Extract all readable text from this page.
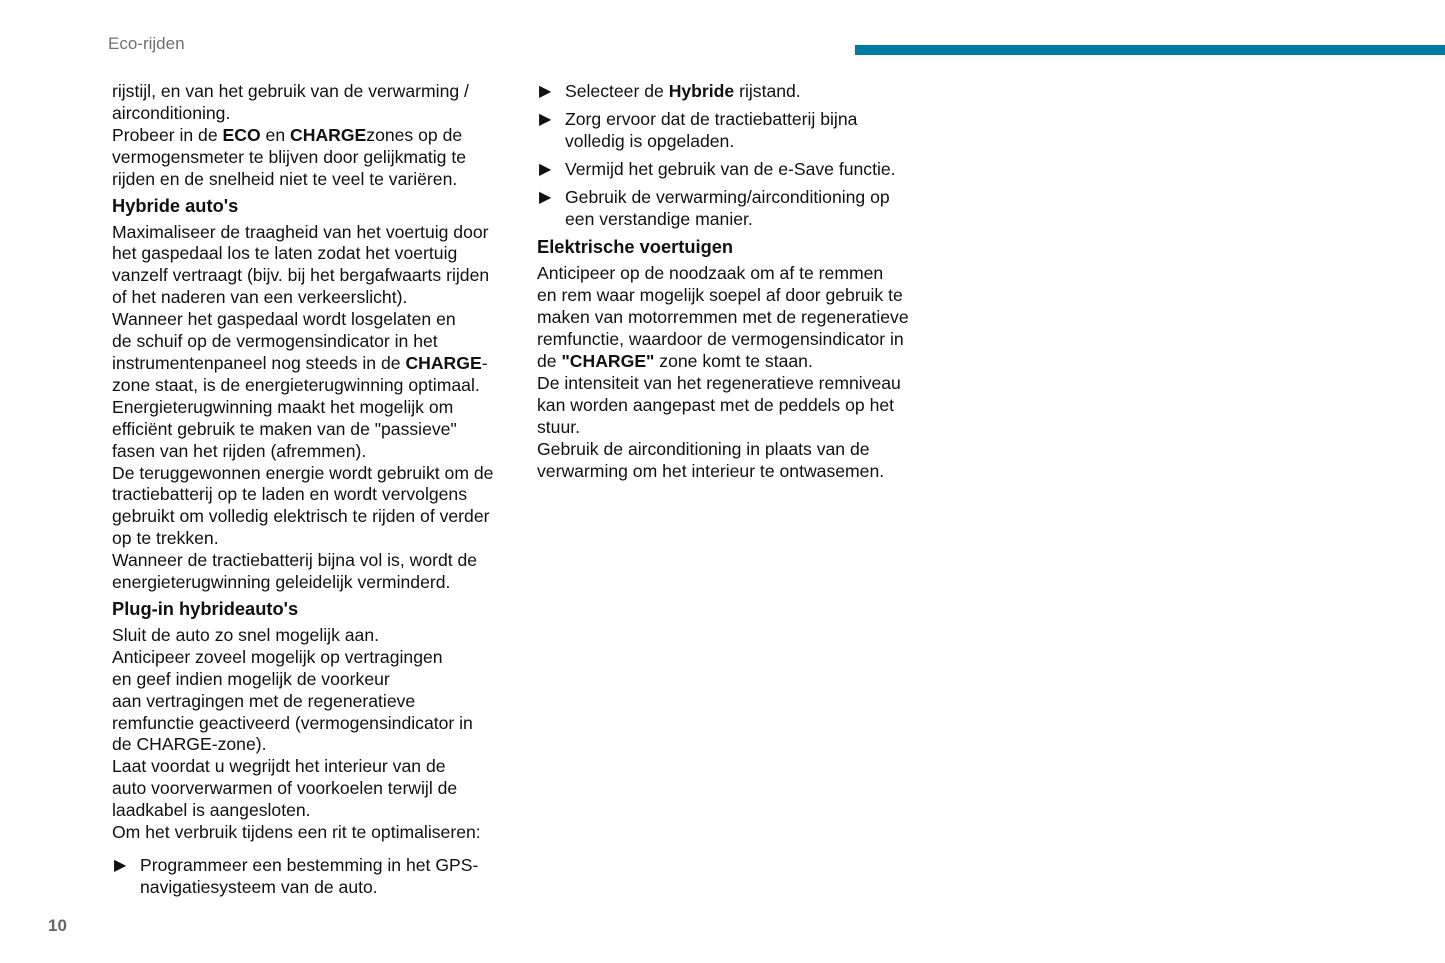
Eco-rijden
rijstijl, en van het gebruik van de verwarming /
airconditioning.
Probeer in de ECO en CHARGEzones op de
vermogensmeter te blijven door gelijkmatig te
rijden en de snelheid niet te veel te variëren.
Hybride auto's
Maximaliseer de traagheid van het voertuig door
het gaspedaal los te laten zodat het voertuig
vanzelf vertraagt (bijv. bij het bergafwaarts rijden
of het naderen van een verkeerslicht).
Wanneer het gaspedaal wordt losgelaten en
de schuif op de vermogensindicator in het
instrumentenpaneel nog steeds in de CHARGE-
zone staat, is de energieterugwinning optimaal.
Energieterugwinning maakt het mogelijk om
efficiënt gebruik te maken van de "passieve"
fasen van het rijden (afremmen).
De teruggewonnen energie wordt gebruikt om de
tractiebatterij op te laden en wordt vervolgens
gebruikt om volledig elektrisch te rijden of verder
op te trekken.
Wanneer de tractiebatterij bijna vol is, wordt de
energieterugwinning geleidelijk verminderd.
Plug-in hybrideauto's
Sluit de auto zo snel mogelijk aan.
Anticipeer zoveel mogelijk op vertragingen
en geef indien mogelijk de voorkeur
aan vertragingen met de regeneratieve
remfunctie geactiveerd (vermogensindicator in
de CHARGE-zone).
Laat voordat u wegrijdt het interieur van de
auto voorverwarmen of voorkoelen terwijl de
laadkabel is aangesloten.
Om het verbruik tijdens een rit te optimaliseren:
▶ Programmeer een bestemming in het GPS-
navigatiesysteem van de auto.
▶ Selecteer de Hybride rijstand.
▶ Zorg ervoor dat de tractiebatterij bijna
volledig is opgeladen.
▶ Vermijd het gebruik van de e-Save functie.
▶ Gebruik de verwarming/airconditioning op
een verstandige manier.
Elektrische voertuigen
Anticipeer op de noodzaak om af te remmen
en rem waar mogelijk soepel af door gebruik te
maken van motorremmen met de regeneratieve
remfunctie, waardoor de vermogensindicator in
de "CHARGE" zone komt te staan.
De intensiteit van het regeneratieve remniveau
kan worden aangepast met de peddels op het
stuur.
Gebruik de airconditioning in plaats van de
verwarming om het interieur te ontwasemen.
10
